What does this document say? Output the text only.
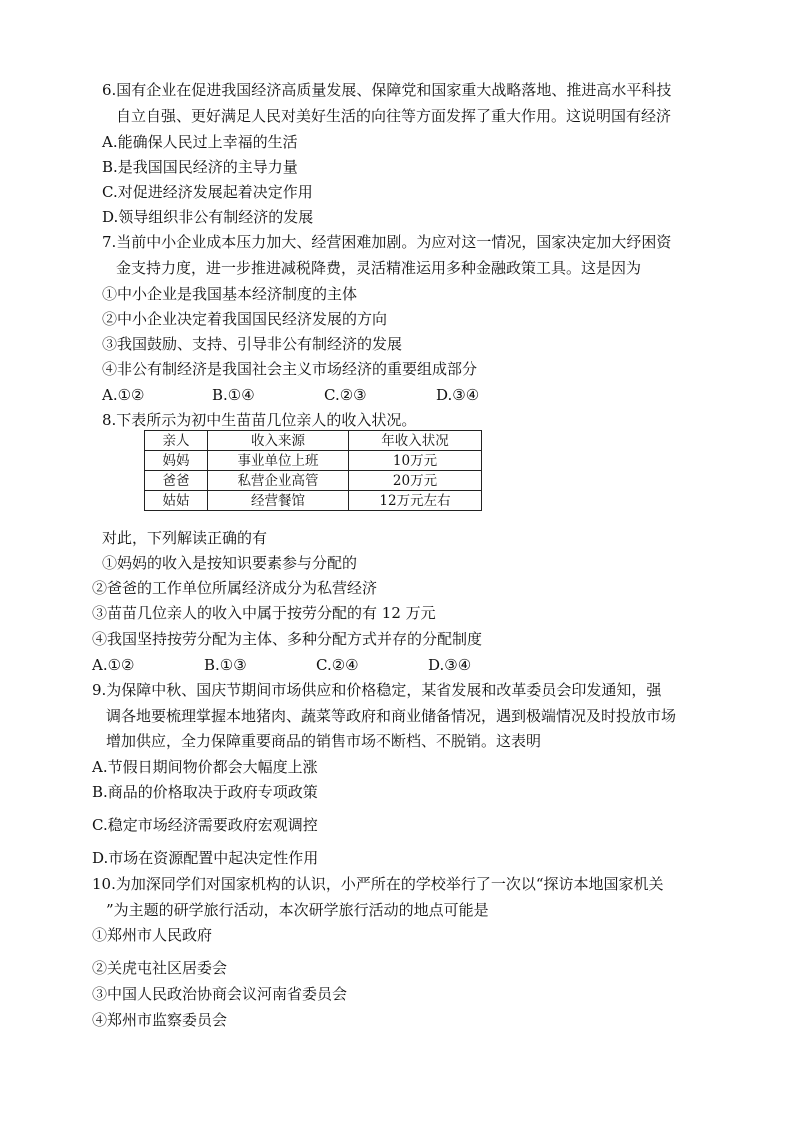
6.国有企业在促进我国经济高质量发展、保障党和国家重大战略落地、推进高水平科技
自立自强、更好满足人民对美好生活的向往等方面发挥了重大作用。这说明国有经济
A.能确保人民过上幸福的生活
B.是我国国民经济的主导力量
C.对促进经济发展起着决定作用
D.领导组织非公有制经济的发展
7.当前中小企业成本压力加大、经营困难加剧。为应对这一情况，国家决定加大纾困资
金支持力度，进一步推进减税降费，灵活精准运用多种金融政策工具。这是因为
①中小企业是我国基本经济制度的主体
②中小企业决定着我国国民经济发展的方向
③我国鼓励、支持、引导非公有制经济的发展
④非公有制经济是我国社会主义市场经济的重要组成部分
A.①②	B.①④	C.②③	D.③④
8.下表所示为初中生苗苗几位亲人的收入状况。
亲人	收入来源	年收入状况
妈妈	事业单位上班	10万元
爸爸	私营企业高管	20万元
姑姑	经营餐馆	12万元左右
对此，下列解读正确的有
①妈妈的收入是按知识要素参与分配的
②爸爸的工作单位所属经济成分为私营经济
③苗苗几位亲人的收入中属于按劳分配的有 12 万元
④我国坚持按劳分配为主体、多种分配方式并存的分配制度
A.①②	B.①③	C.②④	D.③④
9.为保障中秋、国庆节期间市场供应和价格稳定，某省发展和改革委员会印发通知，强
调各地要梳理掌握本地猪肉、蔬菜等政府和商业储备情况，遇到极端情况及时投放市场
增加供应，全力保障重要商品的销售市场不断档、不脱销。这表明
A.节假日期间物价都会大幅度上涨
B.商品的价格取决于政府专项政策
C.稳定市场经济需要政府宏观调控
D.市场在资源配置中起决定性作用
10.为加深同学们对国家机构的认识，小严所在的学校举行了一次以“探访本地国家机关
”为主题的研学旅行活动，本次研学旅行活动的地点可能是
①郑州市人民政府
②关虎屯社区居委会
③中国人民政治协商会议河南省委员会
④郑州市监察委员会
